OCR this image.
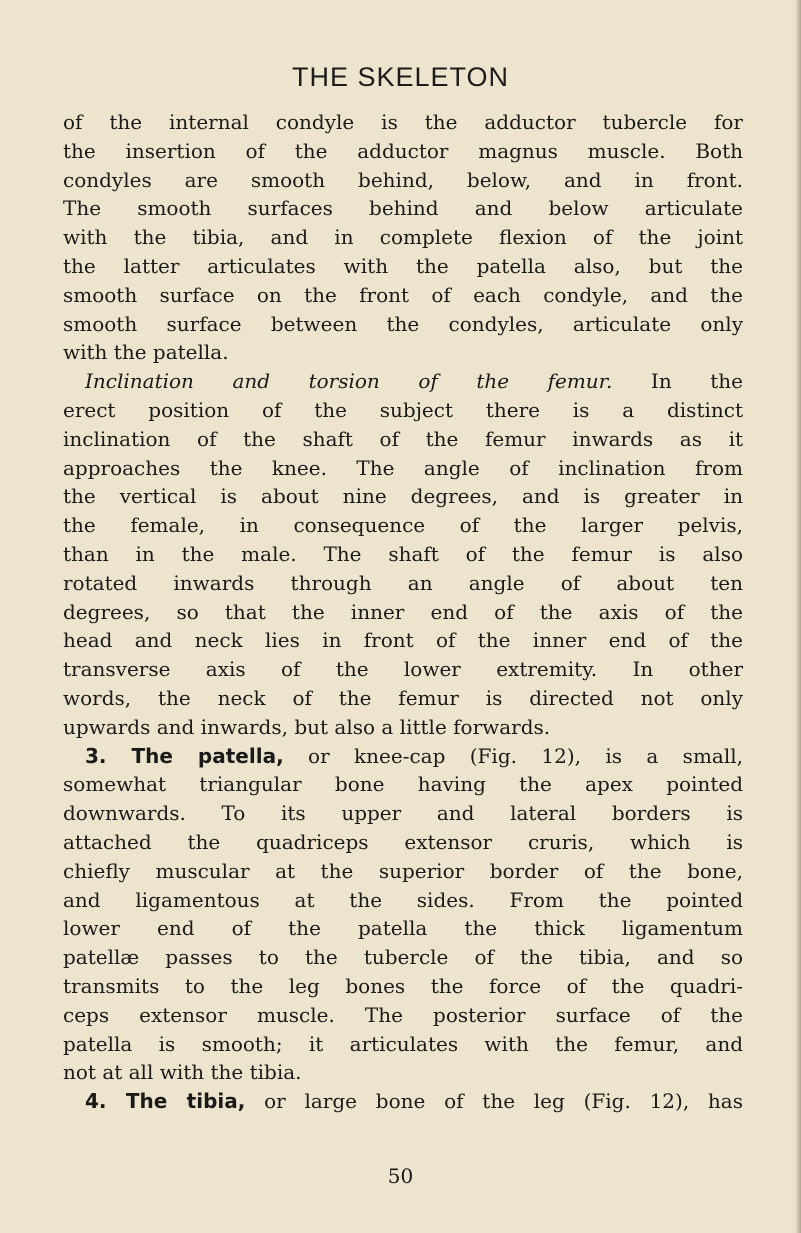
THE SKELETON
of the internal condyle is the adductor tubercle for
the insertion of the adductor magnus muscle. Both
condyles are smooth behind, below, and in front.
The smooth surfaces behind and below articulate
with the tibia, and in complete flexion of the joint
the latter articulates with the patella also, but the
smooth surface on the front of each condyle, and the
smooth surface between the condyles, articulate only
with the patella.
Inclination and torsion of the femur. In the
erect position of the subject there is a distinct
inclination of the shaft of the femur inwards as it
approaches the knee. The angle of inclination from
the vertical is about nine degrees, and is greater in
the female, in consequence of the larger pelvis,
than in the male. The shaft of the femur is also
rotated inwards through an angle of about ten
degrees, so that the inner end of the axis of the
head and neck lies in front of the inner end of the
transverse axis of the lower extremity. In other
words, the neck of the femur is directed not only
upwards and inwards, but also a little forwards.
3. The patella, or knee-cap (Fig. 12), is a small,
somewhat triangular bone having the apex pointed
downwards. To its upper and lateral borders is
attached the quadriceps extensor cruris, which is
chiefly muscular at the superior border of the bone,
and ligamentous at the sides. From the pointed
lower end of the patella the thick ligamentum
patellæ passes to the tubercle of the tibia, and so
transmits to the leg bones the force of the quadri-
ceps extensor muscle. The posterior surface of the
patella is smooth; it articulates with the femur, and
not at all with the tibia.
4. The tibia, or large bone of the leg (Fig. 12), has
50
